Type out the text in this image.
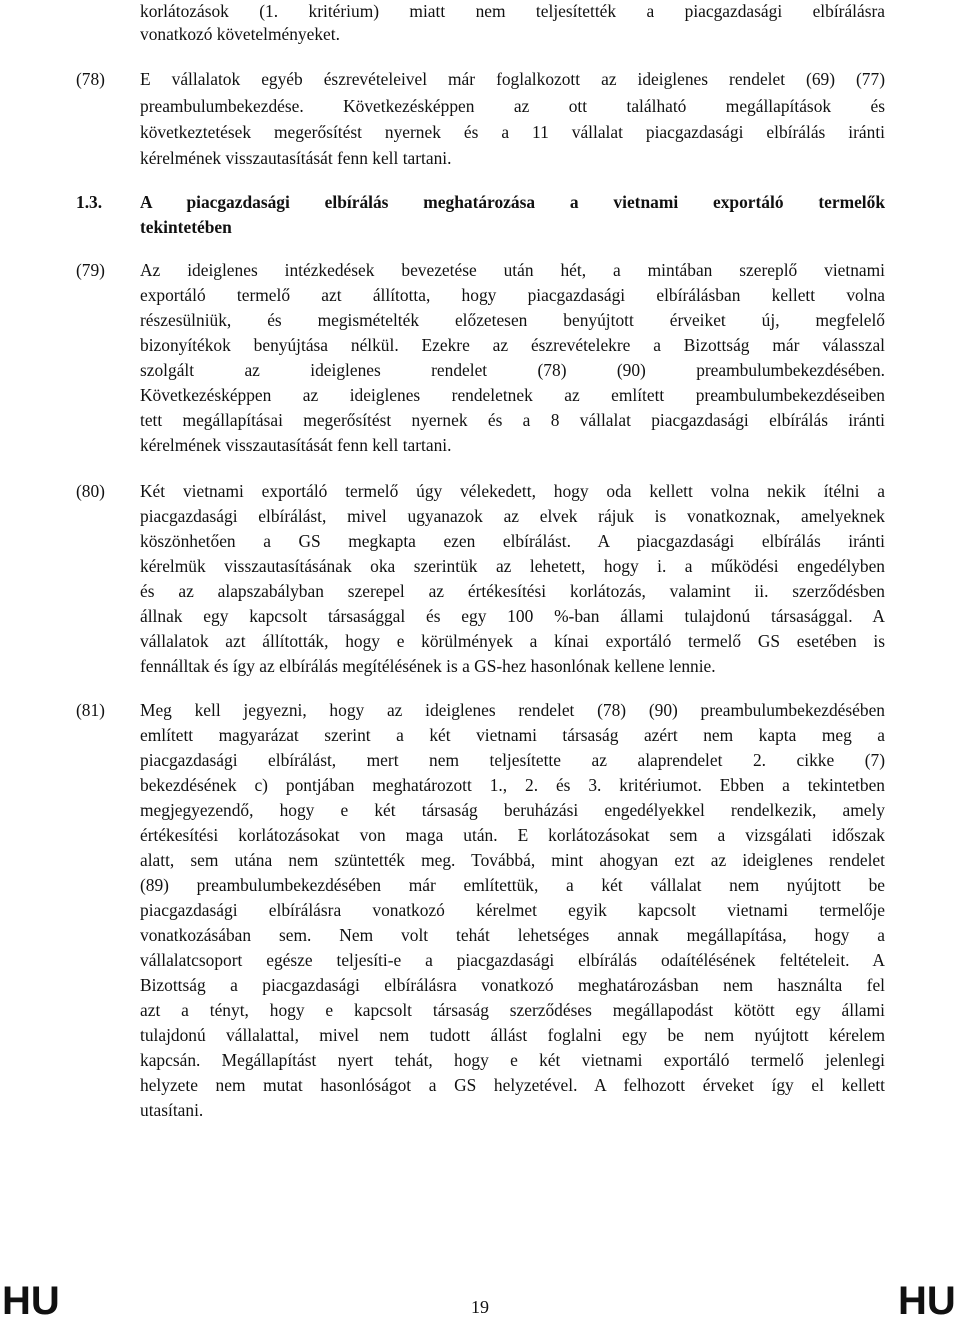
korlátozások (1. kritérium) miatt nem teljesítették a piacgazdasági elbírálásra
vonatkozó követelményeket.
(78) E vállalatok egyéb észrevételeivel már foglalkozott az ideiglenes rendelet (69) (77)
preambulumbekezdése. Következésképpen az ott található megállapítások és
következtetések megerősítést nyernek és a 11 vállalat piacgazdasági elbírálás iránti
kérelmének visszautasítását fenn kell tartani.
1.3. A piacgazdasági elbírálás meghatározása a vietnami exportáló termelők
tekintetében
(79) Az ideiglenes intézkedések bevezetése után hét, a mintában szereplő vietnami
exportáló termelő azt állította, hogy piacgazdasági elbírálásban kellett volna
részesülniük, és megismételték előzetesen benyújtott érveiket új, megfelelő
bizonyítékok benyújtása nélkül. Ezekre az észrevételekre a Bizottság már válasszal
szolgált az ideiglenes rendelet (78) (90) preambulumbekezdésében.
Következésképpen az ideiglenes rendeletnek az említett preambulumbekezdéseiben
tett megállapításai megerősítést nyernek és a 8 vállalat piacgazdasági elbírálás iránti
kérelmének visszautasítását fenn kell tartani.
(80) Két vietnami exportáló termelő úgy vélekedett, hogy oda kellett volna nekik ítélni a
piacgazdasági elbírálást, mivel ugyanazok az elvek rájuk is vonatkoznak, amelyeknek
köszönhetően a GS megkapta ezen elbírálást. A piacgazdasági elbírálás iránti
kérelmük visszautasításának oka szerintük az lehetett, hogy i. a működési engedélyben
és az alapszabályban szerepel az értékesítési korlátozás, valamint ii. szerződésben
állnak egy kapcsolt társasággal és egy 100 %-ban állami tulajdonú társasággal. A
vállalatok azt állították, hogy e körülmények a kínai exportáló termelő GS esetében is
fennálltak és így az elbírálás megítélésének is a GS-hez hasonlónak kellene lennie.
(81) Meg kell jegyezni, hogy az ideiglenes rendelet (78) (90) preambulumbekezdésében
említett magyarázat szerint a két vietnami társaság azért nem kapta meg a
piacgazdasági elbírálást, mert nem teljesítette az alaprendelet 2. cikke (7)
bekezdésének c) pontjában meghatározott 1., 2. és 3. kritériumot. Ebben a tekintetben
megjegyezendő, hogy e két társaság beruházási engedélyekkel rendelkezik, amely
értékesítési korlátozásokat von maga után. E korlátozásokat sem a vizsgálati időszak
alatt, sem utána nem szüntették meg. Továbbá, mint ahogyan ezt az ideiglenes rendelet
(89) preambulumbekezdésében már említettük, a két vállalat nem nyújtott be
piacgazdasági elbírálásra vonatkozó kérelmet egyik kapcsolt vietnami termelője
vonatkozásában sem. Nem volt tehát lehetséges annak megállapítása, hogy a
vállalatcsoport egésze teljesíti-e a piacgazdasági elbírálás odaítélésének feltételeit. A
Bizottság a piacgazdasági elbírálásra vonatkozó meghatározásban nem használta fel
azt a tényt, hogy e kapcsolt társaság szerződéses megállapodást kötött egy állami
tulajdonú vállalattal, mivel nem tudott állást foglalni egy be nem nyújtott kérelem
kapcsán. Megállapítást nyert tehát, hogy e két vietnami exportáló termelő jelenlegi
helyzete nem mutat hasonlóságot a GS helyzetével. A felhozott érveket így el kellett
utasítani.
HU	19	HU
